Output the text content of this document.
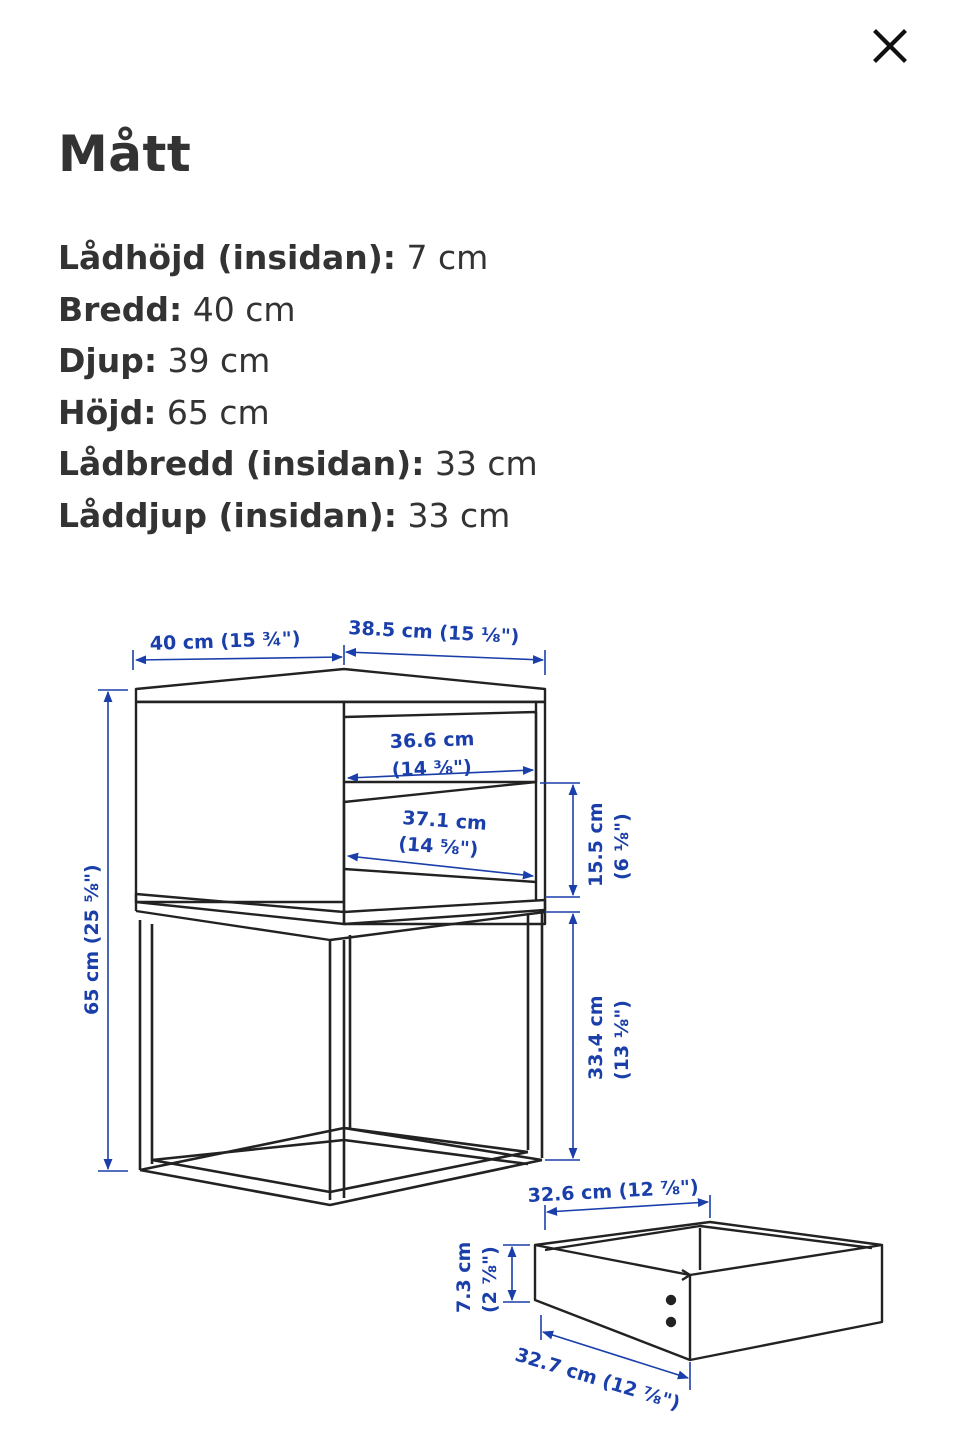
Mått
Lådhöjd (insidan): 7 cm
Bredd: 40 cm
Djup: 39 cm
Höjd: 65 cm
Lådbredd (insidan): 33 cm
Låddjup (insidan): 33 cm
40 cm (15 ¾") 38.5 cm (15 ⅛")
65 cm (25 ⅝")
36.6 cm
(14 ⅜")
37.1 cm
(14 ⅝")	15.5 cm (6 ⅛")
33.4 cm (13 ⅛")
32.6 cm (12 ⅞")
7.3 cm (2 ⅞")
32.7 cm (12 ⅞")
